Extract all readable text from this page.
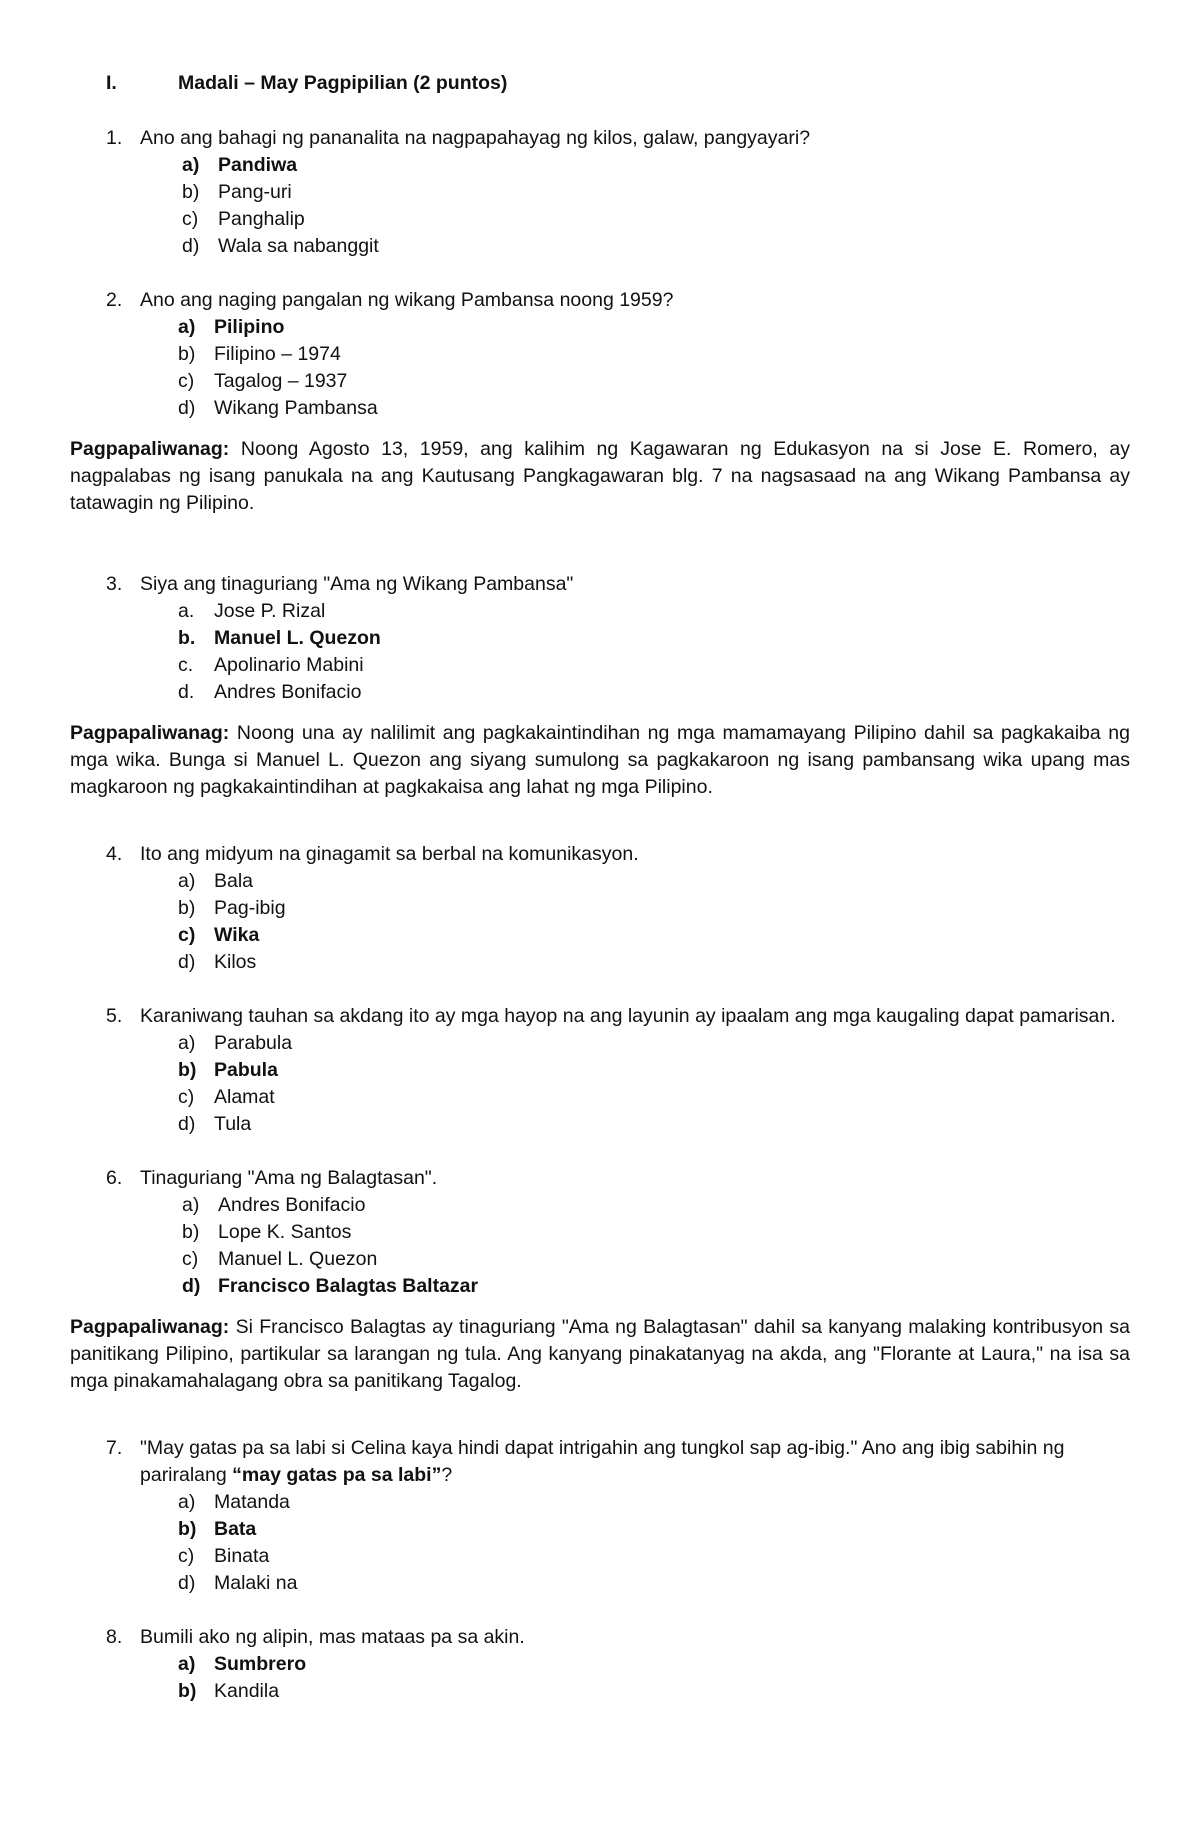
I.	Madali – May Pagpipilian (2 puntos)
1. Ano ang bahagi ng pananalita na nagpapahayag ng kilos, galaw, pangyayari?
a) Pandiwa
b) Pang-uri
c)	Panghalip
d) Wala sa nabanggit
2. Ano ang naging pangalan ng wikang Pambansa noong 1959?
a) Pilipino
b) Filipino – 1974
c)	Tagalog – 1937
d) Wikang Pambansa

Pagpapaliwanag: Noong Agosto 13, 1959, ang kalihim ng Kagawaran ng Edukasyon na si Jose E. Romero, ay nagpalabas ng isang panukala na ang Kautusang Pangkagawaran blg. 7 na nagsasaad na ang Wikang Pambansa ay tatawagin ng Pilipino.

3. Siya ang tinaguriang "Ama ng Wikang Pambansa"
a.	Jose P. Rizal
b. Manuel L. Quezon
c.	Apolinario Mabini
d.	Andres Bonifacio

Pagpapaliwanag: Noong una ay nalilimit ang pagkakaintindihan ng mga mamamayang Pilipino dahil sa pagkakaiba ng mga wika. Bunga si Manuel L. Quezon ang siyang sumulong sa pagkakaroon ng isang pambansang wika upang mas magkaroon ng pagkakaintindihan at pagkakaisa ang lahat ng mga Pilipino.

4. Ito ang midyum na ginagamit sa berbal na komunikasyon.
a) Bala
b) Pag-ibig
c) Wika
d) Kilos
5. Karaniwang tauhan sa akdang ito ay mga hayop na ang layunin ay ipaalam ang mga kaugaling dapat pamarisan.
a) Parabula
b) Pabula
c)	Alamat
d) Tula
6. Tinaguriang "Ama ng Balagtasan".
a) Andres Bonifacio
b) Lope K. Santos
c)	Manuel L. Quezon
d) Francisco Balagtas Baltazar

Pagpapaliwanag: Si Francisco Balagtas ay tinaguriang "Ama ng Balagtasan" dahil sa kanyang malaking kontribusyon sa panitikang Pilipino, partikular sa larangan ng tula. Ang kanyang pinakatanyag na akda, ang "Florante at Laura," na isa sa mga pinakamahalagang obra sa panitikang Tagalog.

7. "May gatas pa sa labi si Celina kaya hindi dapat intrigahin ang tungkol sap ag-ibig." Ano ang ibig sabihin ng pariralang “may gatas pa sa labi”?
a) Matanda
b) Bata
c)	Binata
d) Malaki na
8. Bumili ako ng alipin, mas mataas pa sa akin.
a) Sumbrero
b) Kandila
